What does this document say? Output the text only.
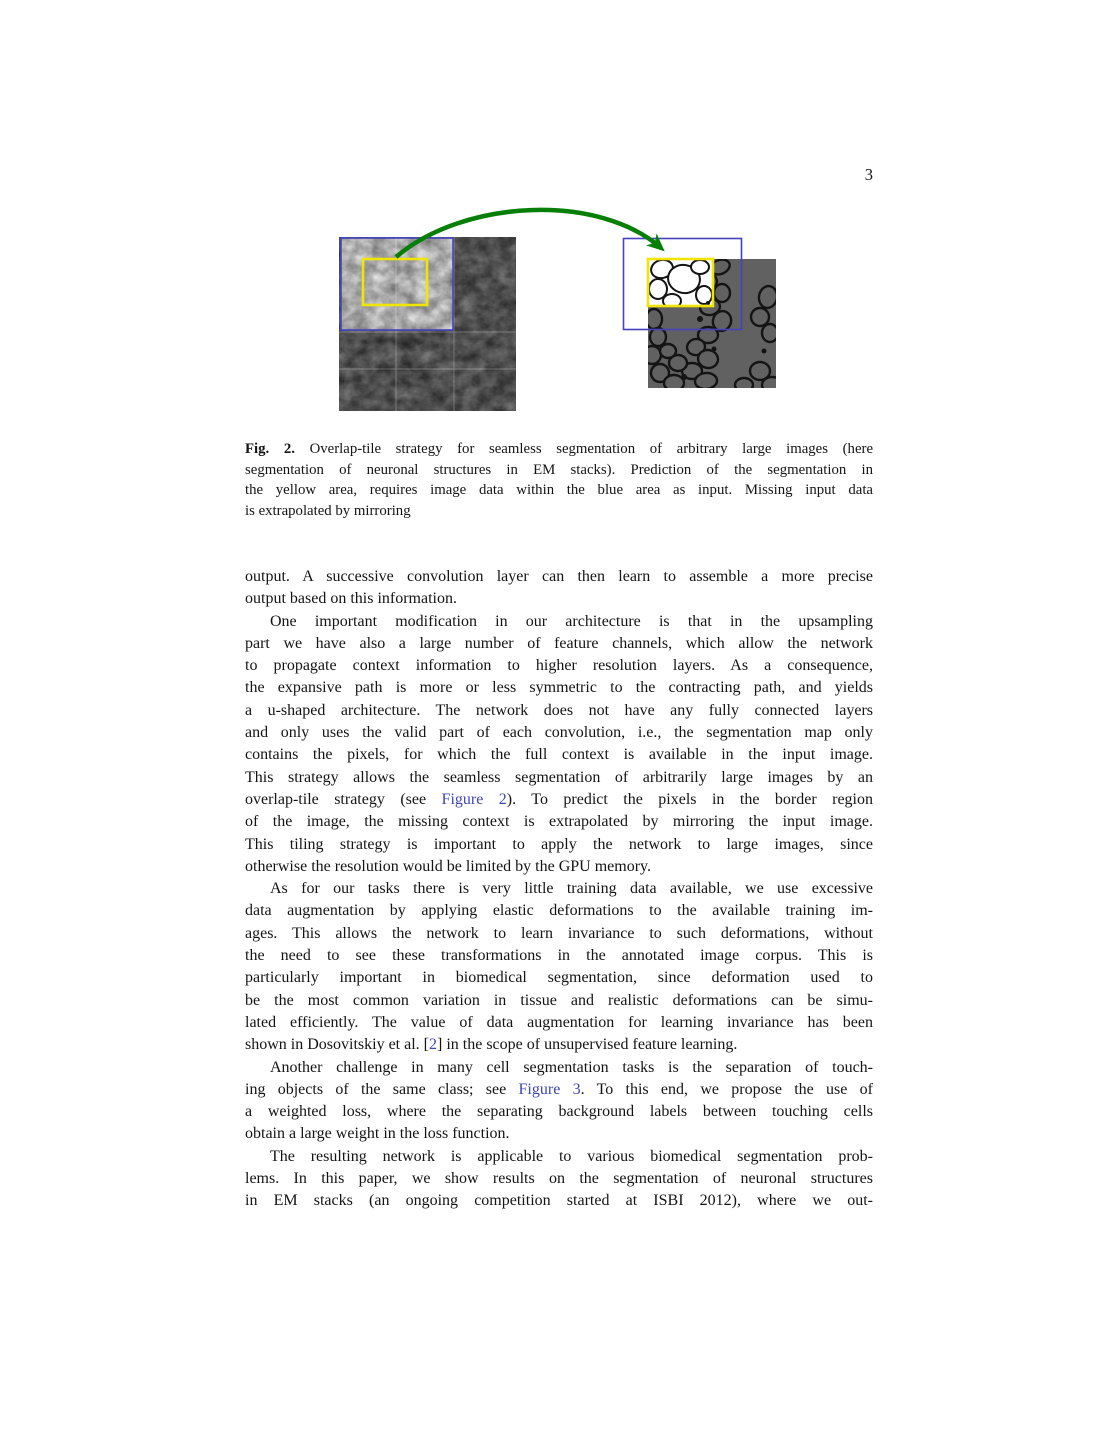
3
Fig. 2. Overlap-tile strategy for seamless segmentation of arbitrary large images (here
segmentation of neuronal structures in EM stacks). Prediction of the segmentation in
the yellow area, requires image data within the blue area as input. Missing input data
is extrapolated by mirroring
output. A successive convolution layer can then learn to assemble a more precise
output based on this information.
One important modification in our architecture is that in the upsampling
part we have also a large number of feature channels, which allow the network
to propagate context information to higher resolution layers. As a consequence,
the expansive path is more or less symmetric to the contracting path, and yields
a u-shaped architecture. The network does not have any fully connected layers
and only uses the valid part of each convolution, i.e., the segmentation map only
contains the pixels, for which the full context is available in the input image.
This strategy allows the seamless segmentation of arbitrarily large images by an
overlap-tile strategy (see Figure 2). To predict the pixels in the border region
of the image, the missing context is extrapolated by mirroring the input image.
This tiling strategy is important to apply the network to large images, since
otherwise the resolution would be limited by the GPU memory.
As for our tasks there is very little training data available, we use excessive
data augmentation by applying elastic deformations to the available training im-
ages. This allows the network to learn invariance to such deformations, without
the need to see these transformations in the annotated image corpus. This is
particularly important in biomedical segmentation, since deformation used to
be the most common variation in tissue and realistic deformations can be simu-
lated efficiently. The value of data augmentation for learning invariance has been
shown in Dosovitskiy et al. [2] in the scope of unsupervised feature learning.
Another challenge in many cell segmentation tasks is the separation of touch-
ing objects of the same class; see Figure 3. To this end, we propose the use of
a weighted loss, where the separating background labels between touching cells
obtain a large weight in the loss function.
The resulting network is applicable to various biomedical segmentation prob-
lems. In this paper, we show results on the segmentation of neuronal structures
in EM stacks (an ongoing competition started at ISBI 2012), where we out-
